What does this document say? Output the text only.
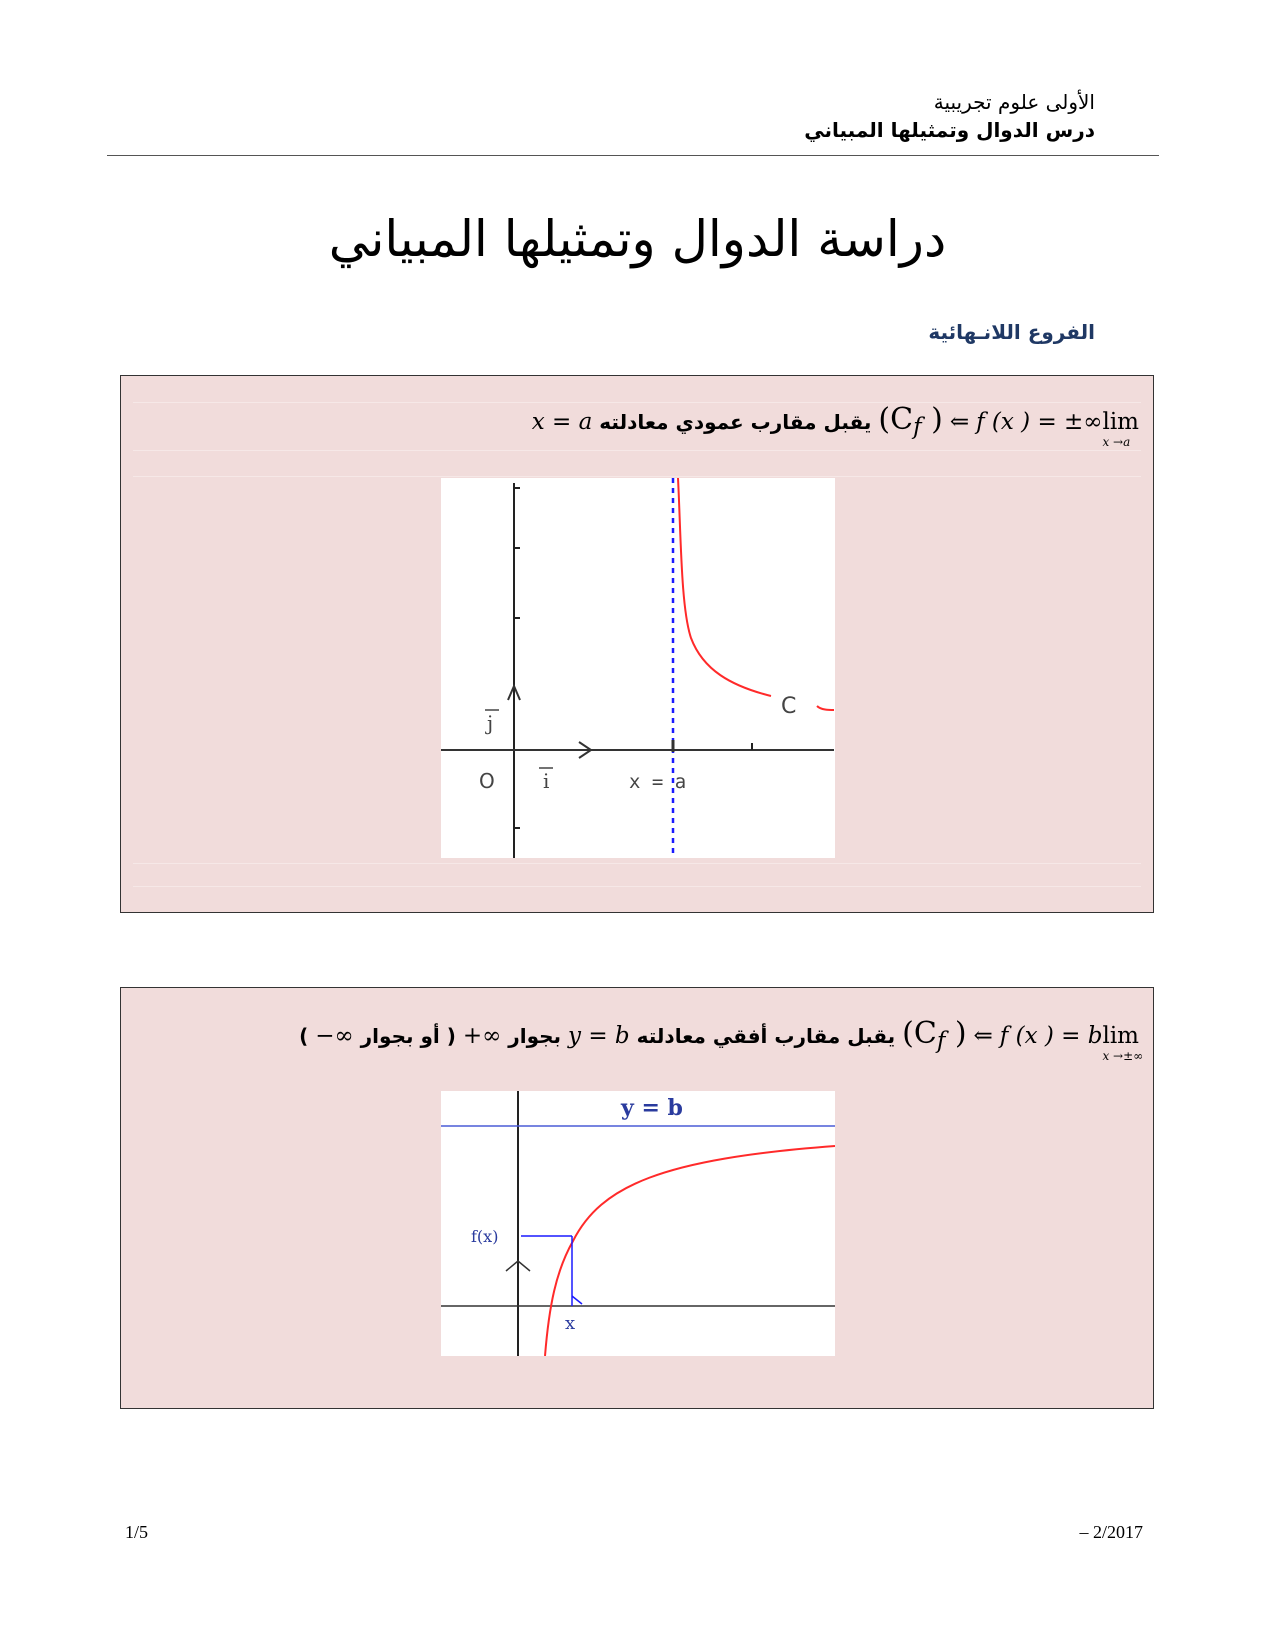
الأولى علوم تجريبية
درس الدوال وتمثيلها المبياني
دراسة الدوال وتمثيلها المبياني
الفروع اللانـهائية
lim
x →a
f (x ) = ±∞ ⇐ ($C_f$ ) يقبل مقارب عمودي معادلته x = a
C
O
j
i	x = a
lim
x →±∞
f (x ) = b ⇐ ($C_f$ ) يقبل مقارب أفقي معادلته y = b بجوار +∞ ( أو بجوار −∞ )
y = b
f(x)
x
1/5	– 2/2017
